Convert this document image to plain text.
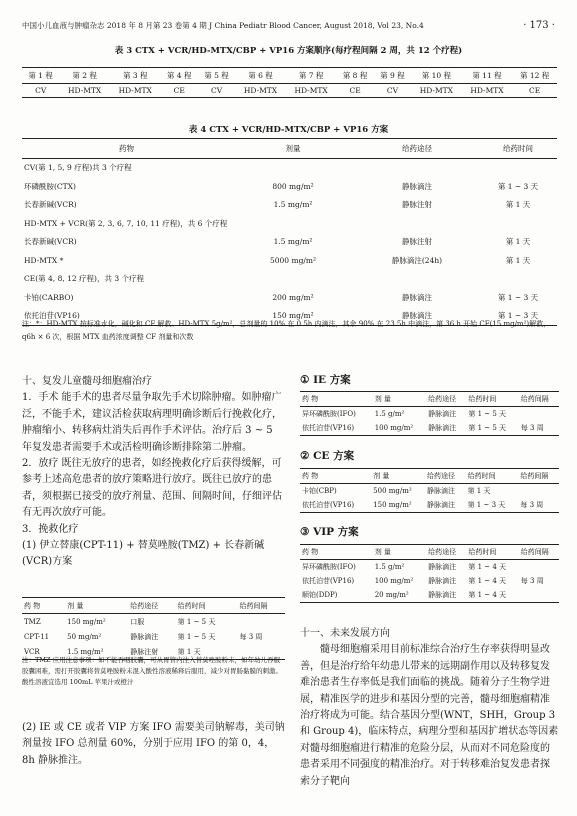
中国小儿血液与肿瘤杂志 2018 年 8 月第 23 卷第 4 期 J China Pediatr Blood Cancer, August 2018, Vol 23, No.4	· 173 ·
表 3 CTX + VCR/HD-MTX/CBP + VP16 方案顺序(每疗程间隔 2 周，共 12 个疗程)
第 1 程	第 2 程	第 3 程	第 4 程	第 5 程	第 6 程	第 7 程	第 8 程	第 9 程	第 10 程	第 11 程	第 12 程
CV	HD-MTX	HD-MTX	CE	CV	HD-MTX	HD-MTX	CE	CV	HD-MTX	HD-MTX	CE
表 4 CTX + VCR/HD-MTX/CBP + VP16 方案
药物	剂量	给药途径	给药时间
CV(第 1, 5, 9 疗程)共 3 个疗程			
环磷酰胺(CTX)	800 mg/m²	静脉滴注	第 1 ~ 3 天
长春新碱(VCR)	1.5 mg/m²	静脉注射	第 1 天
HD-MTX + VCR(第 2, 3, 6, 7, 10, 11 疗程)，共 6 个疗程			
长春新碱(VCR)	1.5 mg/m²	静脉注射	第 1 天
HD-MTX *	5000 mg/m²	静脉滴注(24h)	第 1 天
CE(第 4, 8, 12 疗程)，共 3 个疗程			
卡铂(CARBO)	200 mg/m²	静脉滴注	第 1 ~ 3 天
依托泊苷(VP16)	150 mg/m²	静脉滴注	第 1 ~ 3 天
注：*：HD-MTX 按标准水化，碱化和 CF 解救。HD-MTX 5g/m²，总剂量的 10% 在 0.5h 内滴注，其余 90% 在 23.5h 中滴注，第 36 h 开始 CF(15 mg/m²)解救，q6h × 6 次，根据 MTX 血药浓度调整 CF 剂量和次数

十、复发儿童髓母细胞瘤治疗

1．手术 能手术的患者尽量争取先手术切除肿瘤。如肿瘤广泛，不能手术，建议活检获取病理明确诊断后行挽救化疗，肿瘤缩小、转移病灶消失后再作手术评估。治疗后 3 ~ 5 年复发患者需要手术或活检明确诊断排除第二肿瘤。

2．放疗 既往无放疗的患者，如经挽救化疗后获得缓解，可参考上述高危患者的放疗策略进行放疗。既往已放疗的患者，须根据已接受的放疗剂量、范围、间隔时间，仔细评估有无再次放疗可能。

3．挽救化疗

(1) 伊立替康(CPT-11) + 替莫唑胺(TMZ) + 长春新碱(VCR)方案

药 物	剂 量	给药途径	给药时间	给药间隔
TMZ	150 mg/m²	口服	第 1 ~ 5 天	
CPT-11	50 mg/m²	静脉滴注	第 1 ~ 5 天	每 3 周
VCR	1.5 mg/m²	静脉注射	第 1 天	
注：TMZ 应用注意事项：如不能吞咽胶囊，可从胃管内注入替莫唑胺粉末，如年幼儿吞服胶囊困难，需打开胶囊将替莫唑胺粉末混入酸性溶液稀释后服用，减少对胃肠黏膜的刺激。酸性溶液宜选用 100mL 苹果汁或橙汁

(2) IE 或 CE 或者 VIP 方案 IFO 需要美司钠解毒，美司钠剂量按 IFO 总剂量 60%，分别于应用 IFO 的第 0，4，8h 静脉推注。

① IE 方案
药 物	剂 量	给药途径	给药时间	给药间隔
异环磷酰胺(IFO)	1.5 g/m²	静脉滴注	第 1 ~ 5 天	
依托泊苷(VP16)	100 mg/m²	静脉滴注	第 1 ~ 5 天	每 3 周
② CE 方案
药 物	剂 量	给药途径	给药时间	给药间隔
卡铂(CBP)	500 mg/m²	静脉滴注	第 1 天	
依托泊苷(VP16)	150 mg/m²	静脉滴注	第 1 ~ 3 天	每 3 周
③ VIP 方案
药 物	剂 量	给药途径	给药时间	给药间隔
异环磷酰胺(IFO)	1.5 g/m²	静脉滴注	第 1 ~ 4 天	
依托泊苷(VP16)	100 mg/m²	静脉滴注	第 1 ~ 4 天	每 3 周
顺铂(DDP)	20 mg/m²	静脉滴注	第 1 ~ 4 天	

十一、未来发展方向

髓母细胞瘤采用目前标准综合治疗生存率获得明显改善，但是治疗给年幼患儿带来的远期副作用以及转移复发难治患者生存率低是我们面临的挑战。随着分子生物学进展，精准医学的进步和基因分型的完善，髓母细胞瘤精准治疗将成为可能。结合基因分型(WNT，SHH，Group 3 和 Group 4)，临床特点，病理分型和基因扩增状态等因素对髓母细胞瘤进行精准的危险分层，从而对不同危险度的患者采用不同强度的精准治疗。对于转移难治复发患者探索分子靶向
